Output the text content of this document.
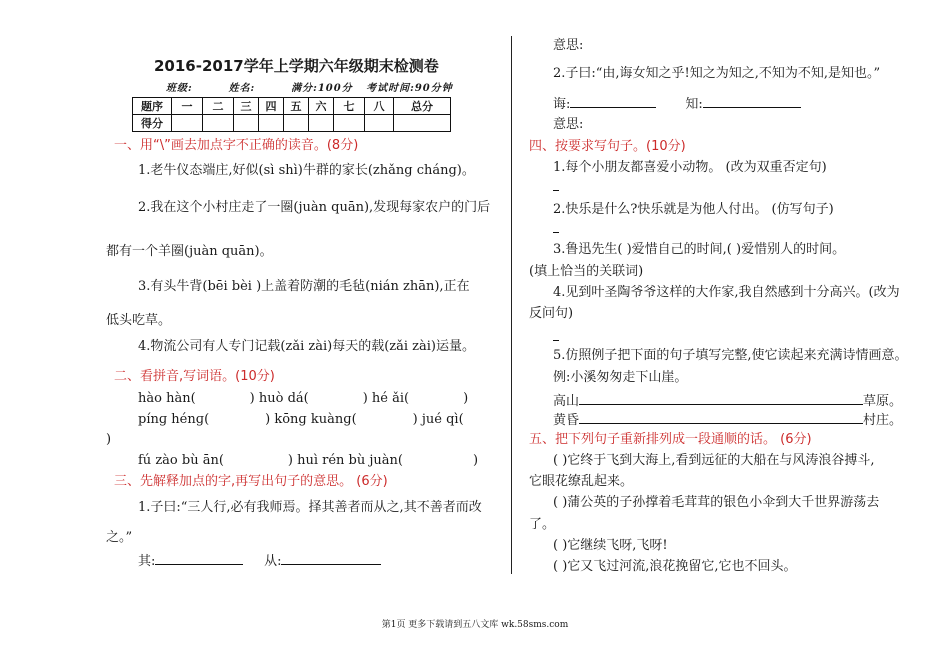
2016-2017学年上学期六年级期末检测卷
班级:	姓名:	满分:100分 考试时间:90分钟
题序	一	二	三	四	五	六	七	八	总分
得分									
一、用“\”画去加点字不正确的读音。(8分)
1.老牛仪态端庄,好似(sì shì)牛群的家长(zhǎng cháng)。
2.我在这个小村庄走了一圈(juàn quān),发现每家农户的门后
都有一个羊圈(juàn quān)。
3.有头牛背(bēi bèi )上盖着防潮的毛毡(nián zhān),正在
低头吃草。
4.物流公司有人专门记载(zǎi zài)每天的载(zǎi zài)运量。
二、看拼音,写词语。(10分)
hào hàn(	) huò dá(	) hé ǎi(	)
pínɡ hénɡ(	) kōnɡ kuànɡ(	) jué qì(
)
fú zào bù ān(	) huì rén bù juàn(	)
三、先解释加点的字,再写出句子的意思。 (6分)
1.子曰:“三人行,必有我师焉。择其善者而从之,其不善者而改
之。”
其:	从:
意思:
2.子曰:“由,诲女知之乎!知之为知之,不知为不知,是知也。”
诲:	知:
意思:
四、按要求写句子。(10分)
1.每个小朋友都喜爱小动物。 (改为双重否定句)
2.快乐是什么?快乐就是为他人付出。 (仿写句子)
3.鲁迅先生( )爱惜自己的时间,( )爱惜别人的时间。
(填上恰当的关联词)
4.见到叶圣陶爷爷这样的大作家,我自然感到十分高兴。(改为
反问句)
5.仿照例子把下面的句子填写完整,使它读起来充满诗情画意。
例:小溪匆匆走下山崖。
高山	草原。
黄昏	村庄。
五、把下列句子重新排列成一段通顺的话。 (6分)
( )它终于飞到大海上,看到远征的大船在与风涛浪谷搏斗,
它眼花缭乱起来。
( )蒲公英的子孙撑着毛茸茸的银色小伞到大千世界游荡去
了。
( )它继续飞呀,飞呀!
( )它又飞过河流,浪花挽留它,它也不回头。
第1页 更多下载请到五八文库 wk.58sms.com
